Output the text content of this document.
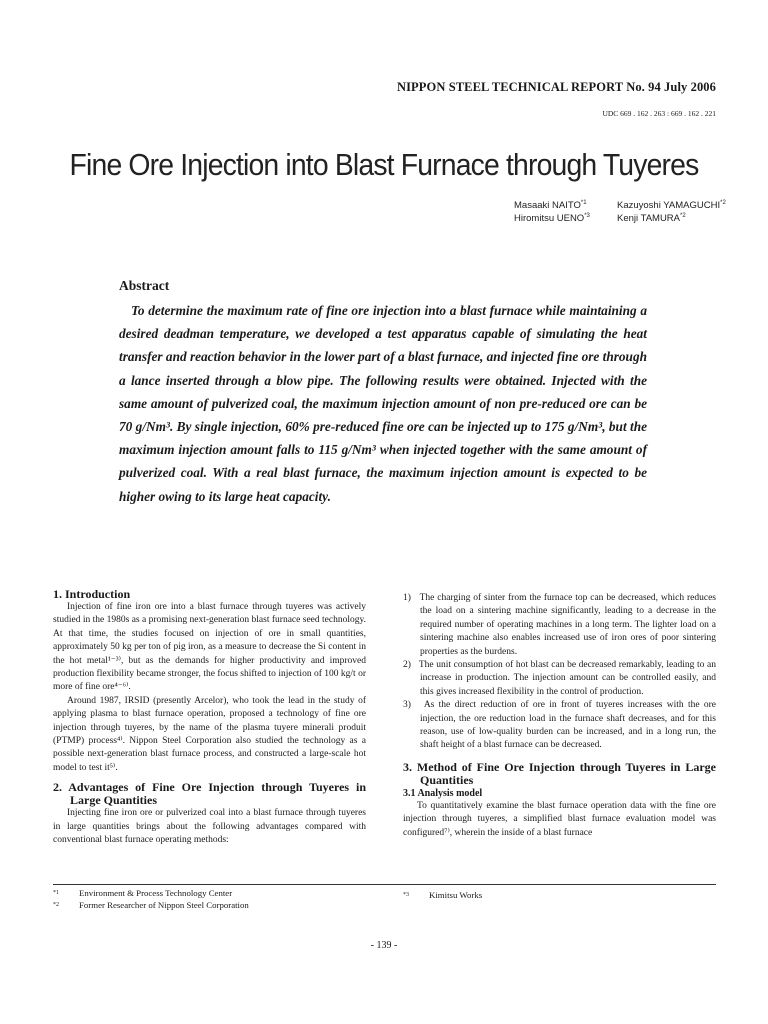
NIPPON STEEL TECHNICAL REPORT No. 94 July 2006
UDC 669 . 162 . 263 : 669 . 162 . 221
Fine Ore Injection into Blast Furnace through Tuyeres
Masaaki NAITO$^{*1}$	Kazuyoshi YAMAGUCHI$^{*2}$
Hiromitsu UENO$^{*3}$	Kenji TAMURA$^{*2}$
Abstract

To determine the maximum rate of fine ore injection into a blast furnace while maintaining a desired deadman temperature, we developed a test apparatus capable of simulating the heat transfer and reaction behavior in the lower part of a blast furnace, and injected fine ore through a lance inserted through a blow pipe. The following results were obtained. Injected with the same amount of pulverized coal, the maximum injection amount of non pre-reduced ore can be 70 g/Nm³. By single injection, 60% pre-reduced fine ore can be injected up to 175 g/Nm³, but the maximum injection amount falls to 115 g/Nm³ when injected together with the same amount of pulverized coal. With a real blast furnace, the maximum injection amount is expected to be higher owing to its large heat capacity.

1. Introduction

Injection of fine iron ore into a blast furnace through tuyeres was actively studied in the 1980s as a promising next-generation blast furnace seed technology. At that time, the studies focused on injection of ore in small quantities, approximately 50 kg per ton of pig iron, as a measure to decrease the Si content in the hot metal¹⁻³⁾, but as the demands for higher productivity and improved production flexibility became stronger, the focus shifted to injection of 100 kg/t or more of fine ore⁴⁻⁶⁾.

Around 1987, IRSID (presently Arcelor), who took the lead in the study of applying plasma to blast furnace operation, proposed a technology of fine ore injection through tuyeres, by the name of the plasma tuyere minerali produit (PTMP) process⁴⁾. Nippon Steel Corporation also studied the technology as a possible next-generation blast furnace process, and constructed a large-scale hot model to test it⁵⁾.

2. Advantages of Fine Ore Injection through Tuyeres in Large Quantities

Injecting fine iron ore or pulverized coal into a blast furnace through tuyeres in large quantities brings about the following advantages compared with conventional blast furnace operating methods:

1) The charging of sinter from the furnace top can be decreased, which reduces the load on a sintering machine significantly, leading to a decrease in the required number of operating machines in a long term. The lighter load on a sintering machine also enables increased use of iron ores of poor sintering properties as the burdens.

2) The unit consumption of hot blast can be decreased remarkably, leading to an increase in production. The injection amount can be controlled easily, and this gives increased flexibility in the control of production.

3) As the direct reduction of ore in front of tuyeres increases with the ore injection, the ore reduction load in the furnace shaft decreases, and for this reason, use of low-quality burden can be increased, and in a long run, the shaft height of a blast furnace can be decreased.

3. Method of Fine Ore Injection through Tuyeres in Large Quantities
3.1 Analysis model

To quantitatively examine the blast furnace operation data with the fine ore injection through tuyeres, a simplified blast furnace evaluation model was configured⁷⁾, wherein the inside of a blast furnace

*1 Environment & Process Technology Center
*2 Former Researcher of Nippon Steel Corporation
*3 Kimitsu Works
- 139 -
